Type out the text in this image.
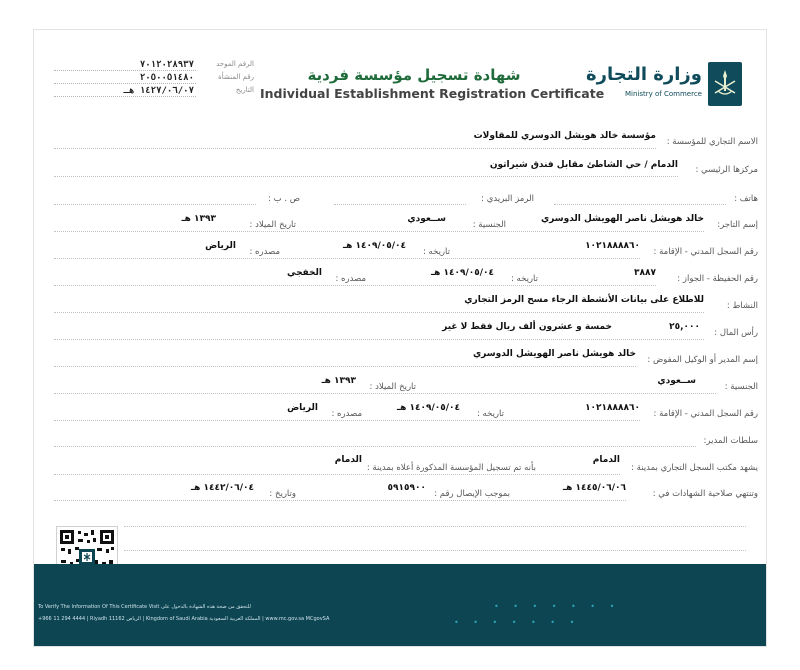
وزارة التجارة
Ministry of Commerce
شهادة تسجيل مؤسسة فردية
Individual Establishment Registration Certificate
الرقم الموحد
٧٠١٢٠٢٨٩٣٧
رقم المنشأة
٢٠٥٠٠٥١٤٨٠
التاريخ
١٤٢٧/٠٦/٠٧ هـ
الاسم التجاري للمؤسسة :
مؤسسة خالد هويشل الدوسري للمقاولات
مركزها الرئيسي :
الدمام / حي الشاطئ مقابل فندق شيراتون
هاتف :
الرمز البريدي :
ص . ب :
إسم التاجر:
خالد هويشل ناصر الهويشل الدوسري
الجنسية :
ســعودي
تاريخ الميلاد :
١٣٩٣ هـ
رقم السجل المدني - الإقامة :
١٠٢١٨٨٨٨٦٠
تاريخه :
١٤٠٩/٠٥/٠٤ هـ
مصدره :
الرياض
رقم الحفيظة - الجواز :
٣٨٨٧
تاريخه :
١٤٠٩/٠٥/٠٤ هـ
مصدره :
الخفجي
النشاط :
للاطلاع على بيانات الأنشطة الرجاء مسح الرمز التجاري
رأس المال :
٢٥,٠٠٠
خمسة و عشرون ألف ريال فقط لا غير
إسم المدير أو الوكيل المفوض :
خالد هويشل ناصر الهويشل الدوسري
الجنسية :
ســعودي
تاريخ الميلاد :
١٣٩٣ هـ
رقم السجل المدني - الإقامة :
١٠٢١٨٨٨٨٦٠
تاريخه :
١٤٠٩/٠٥/٠٤ هـ
مصدره :
الرياض
سلطات المدير:
يشهد مكتب السجل التجاري بمدينة :
الدمام
بأنه تم تسجيل المؤسسة المذكورة أعلاه بمدينة :
الدمام
وتنتهي صلاحية الشهادات في :
١٤٤٥/٠٦/٠٦ هـ
بموجب الإيصال رقم :
٥٩١٥٩٠٠
وتاريخ :
١٤٤٢/٠٦/٠٤ هـ
To Verify The Information Of This Certificate Visit للتحقق من صحة هذه الشهادة بالدخول على
+966 11 294 4444 | Riyadh 11162 الرياض | Kingdom of Saudi Arabia المملكة العربية السعودية | www.mc.gov.sa MCgovSA
• • • • • • •
• • • • • • •
